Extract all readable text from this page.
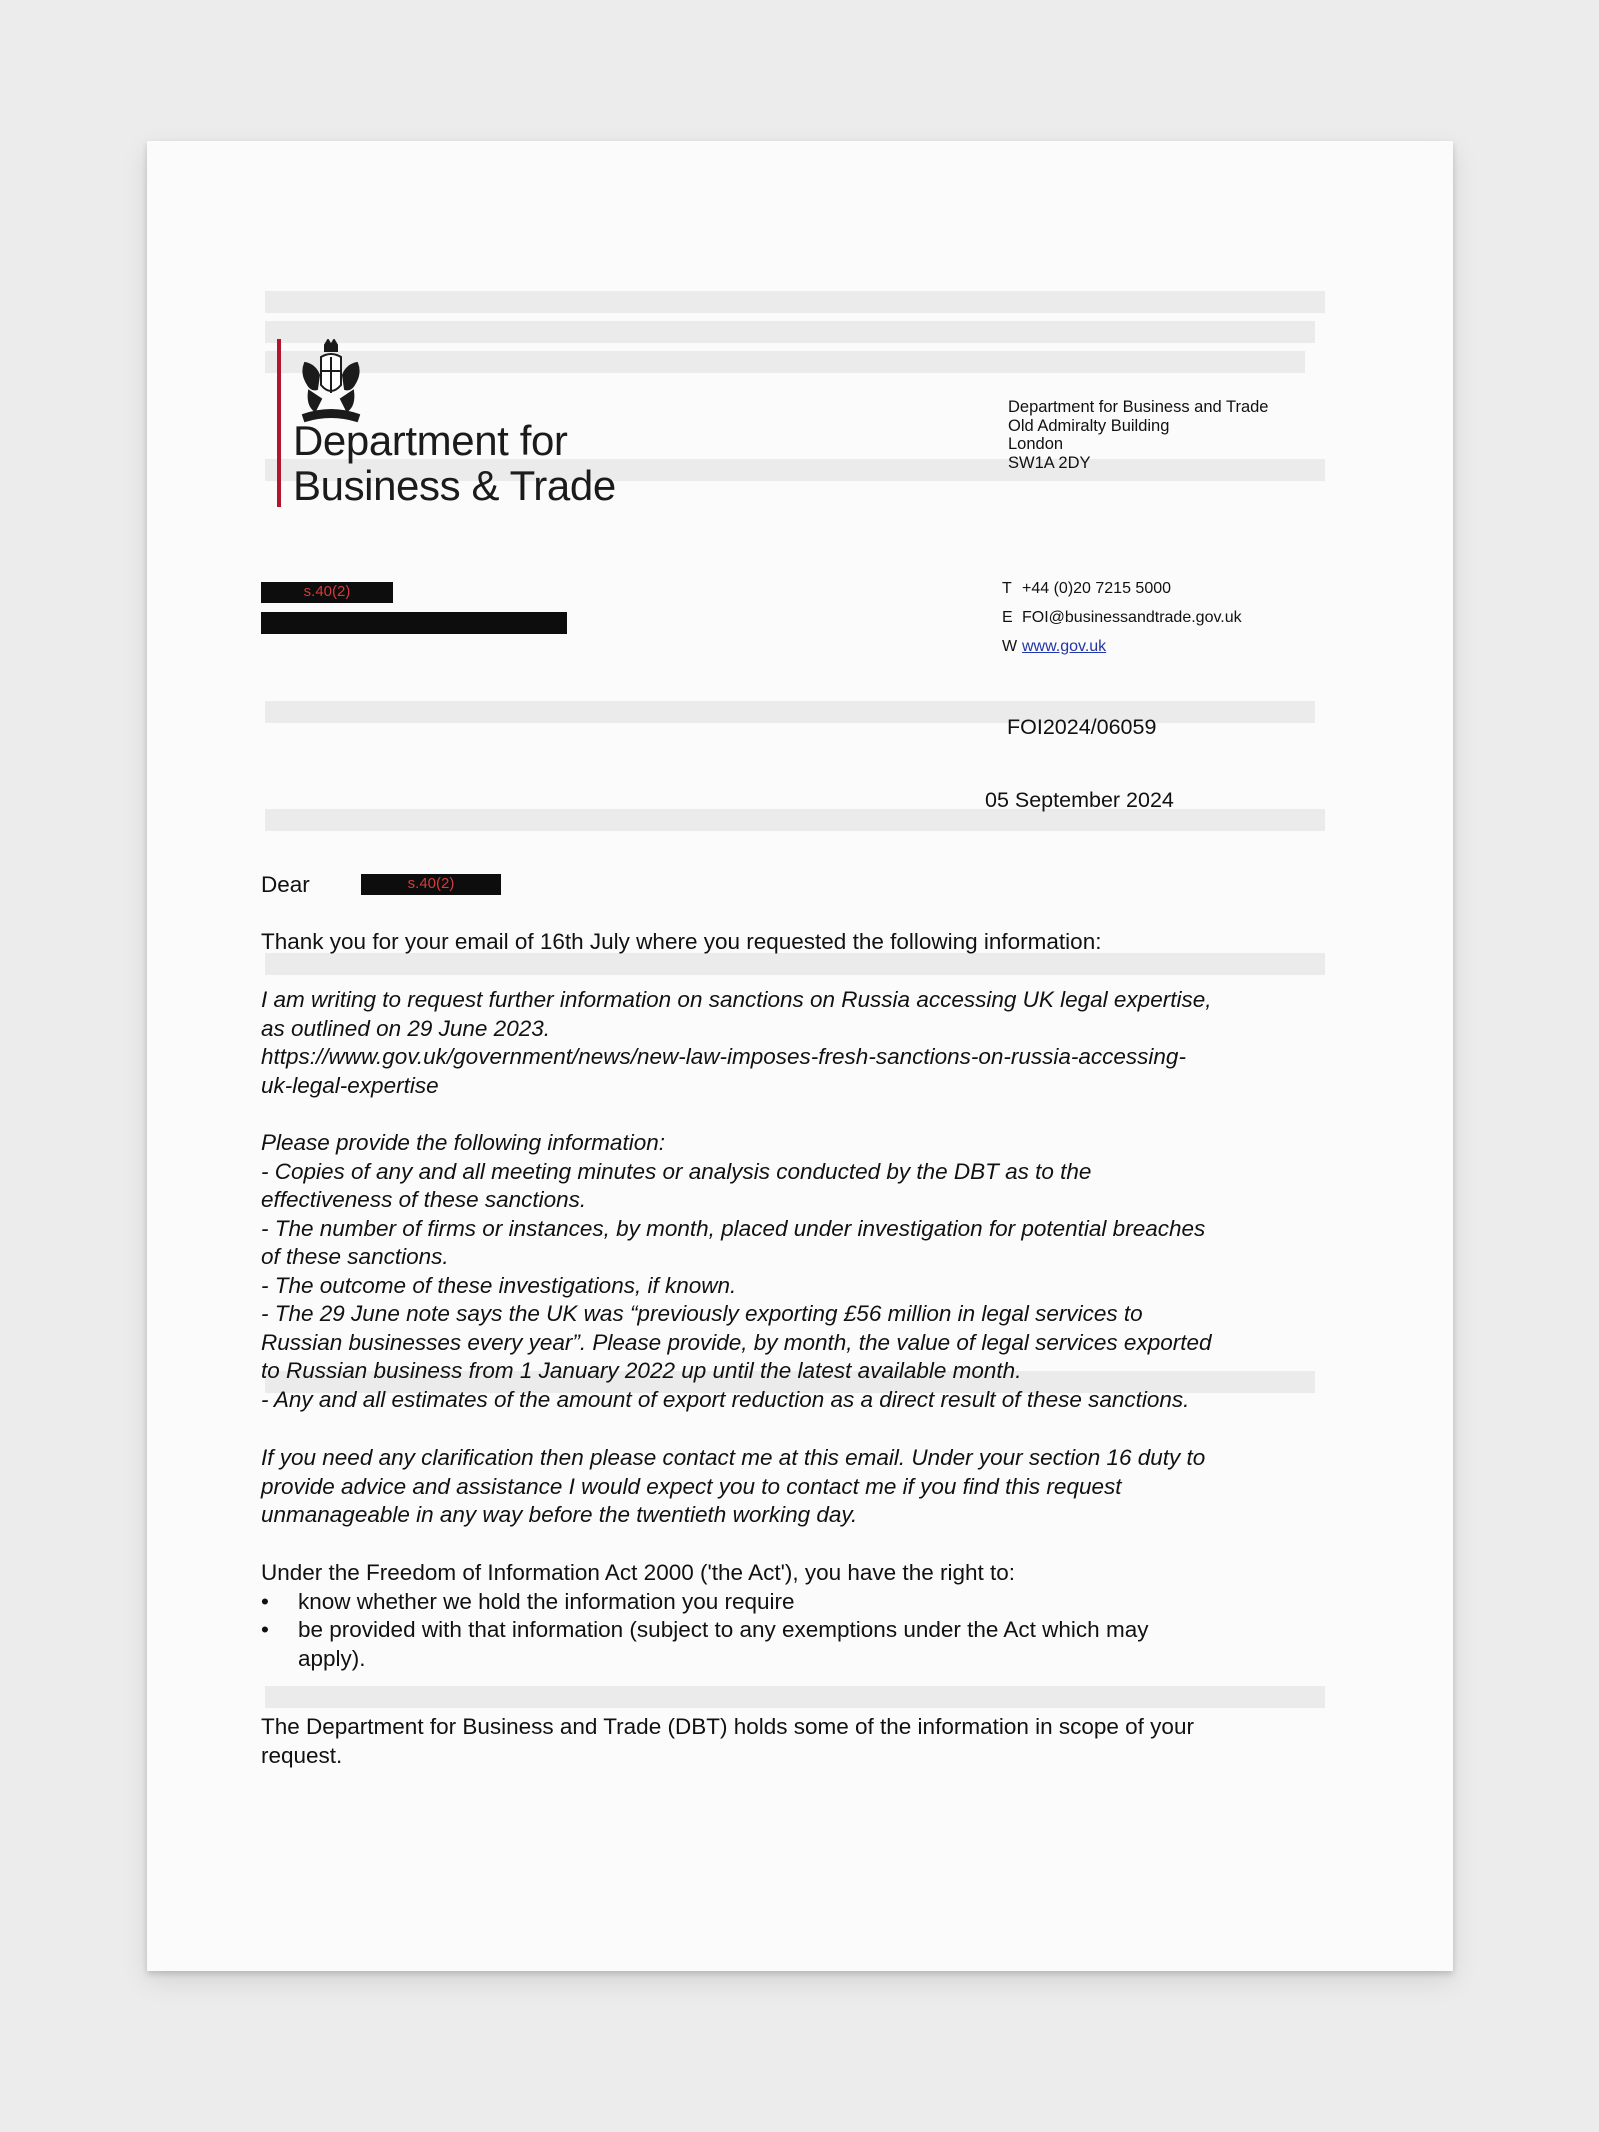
Department for
Business & Trade
Department for Business and Trade
Old Admiralty Building
London
SW1A 2DY
s.40(2)	T +44 (0)20 7215 5000
E FOI@businessandtrade.gov.uk
W www.gov.uk
FOI2024/06059
05 September 2024
Dear	s.40(2)
Thank you for your email of 16th July where you requested the following information:
I am writing to request further information on sanctions on Russia accessing UK legal expertise,
as outlined on 29 June 2023.
https://www.gov.uk/government/news/new-law-imposes-fresh-sanctions-on-russia-accessing-
uk-legal-expertise
Please provide the following information:
- Copies of any and all meeting minutes or analysis conducted by the DBT as to the
effectiveness of these sanctions.
- The number of firms or instances, by month, placed under investigation for potential breaches
of these sanctions.
- The outcome of these investigations, if known.
- The 29 June note says the UK was “previously exporting £56 million in legal services to
Russian businesses every year”. Please provide, by month, the value of legal services exported
to Russian business from 1 January 2022 up until the latest available month.
- Any and all estimates of the amount of export reduction as a direct result of these sanctions.
If you need any clarification then please contact me at this email. Under your section 16 duty to
provide advice and assistance I would expect you to contact me if you find this request
unmanageable in any way before the twentieth working day.
Under the Freedom of Information Act 2000 ('the Act'), you have the right to:
•	know whether we hold the information you require
•	be provided with that information (subject to any exemptions under the Act which may
apply).
The Department for Business and Trade (DBT) holds some of the information in scope of your
request.
